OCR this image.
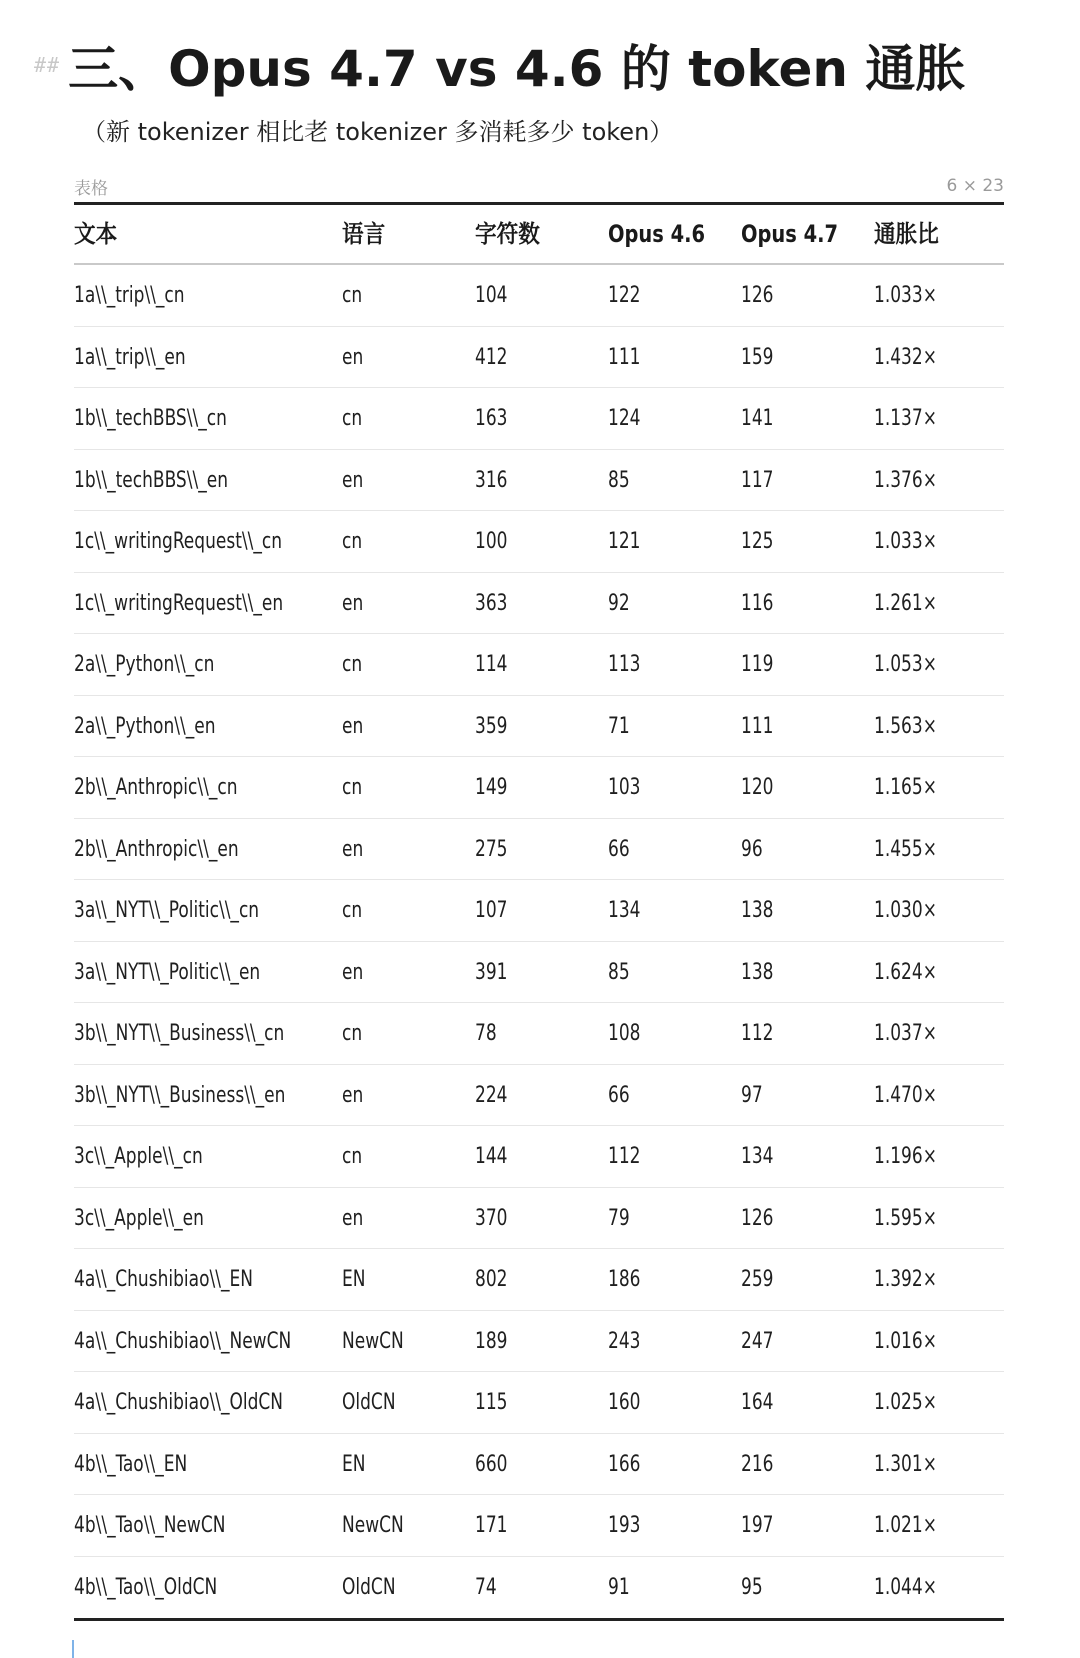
## 三、Opus 4.7 vs 4.6 的 token 通胀
（新 tokenizer 相比老 tokenizer 多消耗多少 token）
表格	6 × 23
文本	语言	字符数	Opus 4.6	Opus 4.7	通胀比

1a\\_trip\\_cn	cn	104	122	126	1.033×

1a\\_trip\\_en	en	412	111	159	1.432×

1b\\_techBBS\\_cn	cn	163	124	141	1.137×

1b\\_techBBS\\_en	en	316	85	117	1.376×

1c\\_writingRequest\\_cn	cn	100	121	125	1.033×

1c\\_writingRequest\\_en	en	363	92	116	1.261×

2a\\_Python\\_cn	cn	114	113	119	1.053×

2a\\_Python\\_en	en	359	71	111	1.563×

2b\\_Anthropic\\_cn	cn	149	103	120	1.165×

2b\\_Anthropic\\_en	en	275	66	96	1.455×

3a\\_NYT\\_Politic\\_cn	cn	107	134	138	1.030×

3a\\_NYT\\_Politic\\_en	en	391	85	138	1.624×

3b\\_NYT\\_Business\\_cn	cn	78	108	112	1.037×

3b\\_NYT\\_Business\\_en	en	224	66	97	1.470×

3c\\_Apple\\_cn	cn	144	112	134	1.196×

3c\\_Apple\\_en	en	370	79	126	1.595×

4a\\_Chushibiao\\_EN	EN	802	186	259	1.392×

4a\\_Chushibiao\\_NewCN	NewCN	189	243	247	1.016×

4a\\_Chushibiao\\_OldCN	OldCN	115	160	164	1.025×

4b\\_Tao\\_EN	EN	660	166	216	1.301×

4b\\_Tao\\_NewCN	NewCN	171	193	197	1.021×

4b\\_Tao\\_OldCN	OldCN	74	91	95	1.044×
